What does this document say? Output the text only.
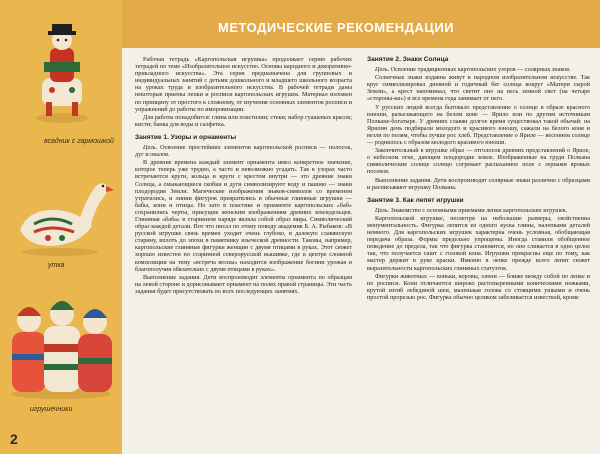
всадник с гармошкой
утка
игрушечники
2
МЕТОДИЧЕСКИЕ РЕКОМЕНДАЦИИ

Рабочая тетрадь «Каргопольская игрушка» продолжает серию рабочих тетрадей по теме «Изобразительное искусство. Основы народного и декоративно-прикладного искусства». Эта серия предназначена для групповых и индивидуальных занятий с детьми дошкольного и младшего школьного возраста на уроках труда и изобразительного искусства. В рабочей тетради даны некоторые приемы лепки и росписи каргопольских игрушек. Материал изложен по принципу от простого к сложному, от изучения основных элементов росписи и упражнений до работы по импровизации.

Для работы понадобится: глина или пластилин; стеки; набор гуашевых красок; кисти; банка для воды и салфетка.

Занятие 1. Узоры и орнаменты

Цель. Освоение простейших элементов каргопольской росписи — полосок, дуг и овалов.

В древние времена каждый элемент орнамента имел конкретное значение, которое теперь уже трудно, а часто и невозможно угадать. Так в узорах часто встречаются круги, кольца и круги с крестом внутри — это древние знаки Солнца, а смыкающиеся скобки и дуги символизируют воду и пашню — знаки плодородия Земли. Магические изображения знаков-символов со временем утратились, и линии фигурок превратились в обычные глиняные игрушки — бабы, кони и птицы. Но зато в пластике и орнаменте каргопольских «баб» сохранились черты, присущие женским изображениям древних земледельцев. Глиняная «баба» в старинном наряде являла собой образ мира. Символический образ каждой детали. Вот что писал по этому поводу академик Б. А. Рыбаков: «В русской игрушке связь времен уходит очень глубоко, в далекую славянскую старину, вплоть до эпохи в памятнику языческой древности. Таковы, например, каргопольские глиняные фигурки женщин с двумя птицами в руках. Этот сюжет хорошо известен по старинной северорусской вышивке, где в центре сложной композиции на тему «встреча весны» находится изображение богини урожая и благополучия обязательно с двумя птицами в руках».

Выполнение задания. Дети воспроизводят элементы орнамента по образцам на левой стороне и дорисовывают орнамент на полях правой страницы. Эти часть задания будет присутствовать во всех последующих занятиях.

Занятие 2. Знаки Солнца

Цель. Освоение традиционных каргопольских узоров — солярных знаков.

Солнечные знаки издавна живут в народном изобразительном искусстве. Так круг символизировал дневной и годичный бег солнца вокруг «Матери сырой Земли», а крест напоминал, что светит оно на весь земной свет (на четыре «стороны-ки») и все времена года занимает от него.

У русских людей всегда бытовало представление о солнце в образе красного юноши, разъезжающего на белом коне — Ярило или по другим источникам Полкане-богатыре. У древних славян долгое время существовал такой обычай: на Ярилин день подбирали молодого и красивого юношу, сажали на белого коня и везли по полям, чтобы лучше рос хлеб. Представление о Яриле — весеннем солнце — роднилось с образом молодого красивого юноши.

Закончительный в игрушке образ — отголосок древних представлений о Яриле, о небесном огне, дающем плодородие земле. Изображенные на груди Полкана символические солнце солнцо согревает распаханное поле с зернами яровых посевов.

Выполнение задания. Дети воспроизводят солярные знаки различно с образцами и расписывают игрушку Полкана.

Занятие 3. Как лепят игрушки

Цель. Знакомство с основными приемами лепки каргопольских игрушек.

Каргопольской игрушке, несмотря на небольшие размеры, свойственна монументальность. Фигурка лепится из одного куска глины, налепками деталей немного. Для каргопольских игрушек характерна очень условная, обобщающая передача образа. Формы предельно упрощены. Иногда ставили обобщенное поведение до предела, так что фигурка становится, но оно сливается в одно целое так, что получается сшит с головой кона. Игрушки прекрасны еще по тому, как мастер держит в руке краски. Именно в лепке прежде всего лепят сюжет выразительности каргопольских глиняных статуэток.

Фигурки животных — коньки, коровы, олени — ближе между собой по лепке и по росписи. Кони отличаются широко растопыренными коническими ножками, крутой изгиб лебединой шеи, маленькая голова со стоящими ушками и очень простой прорезью рос. Фигурка обычно целиком забеливается известкой, кроме
